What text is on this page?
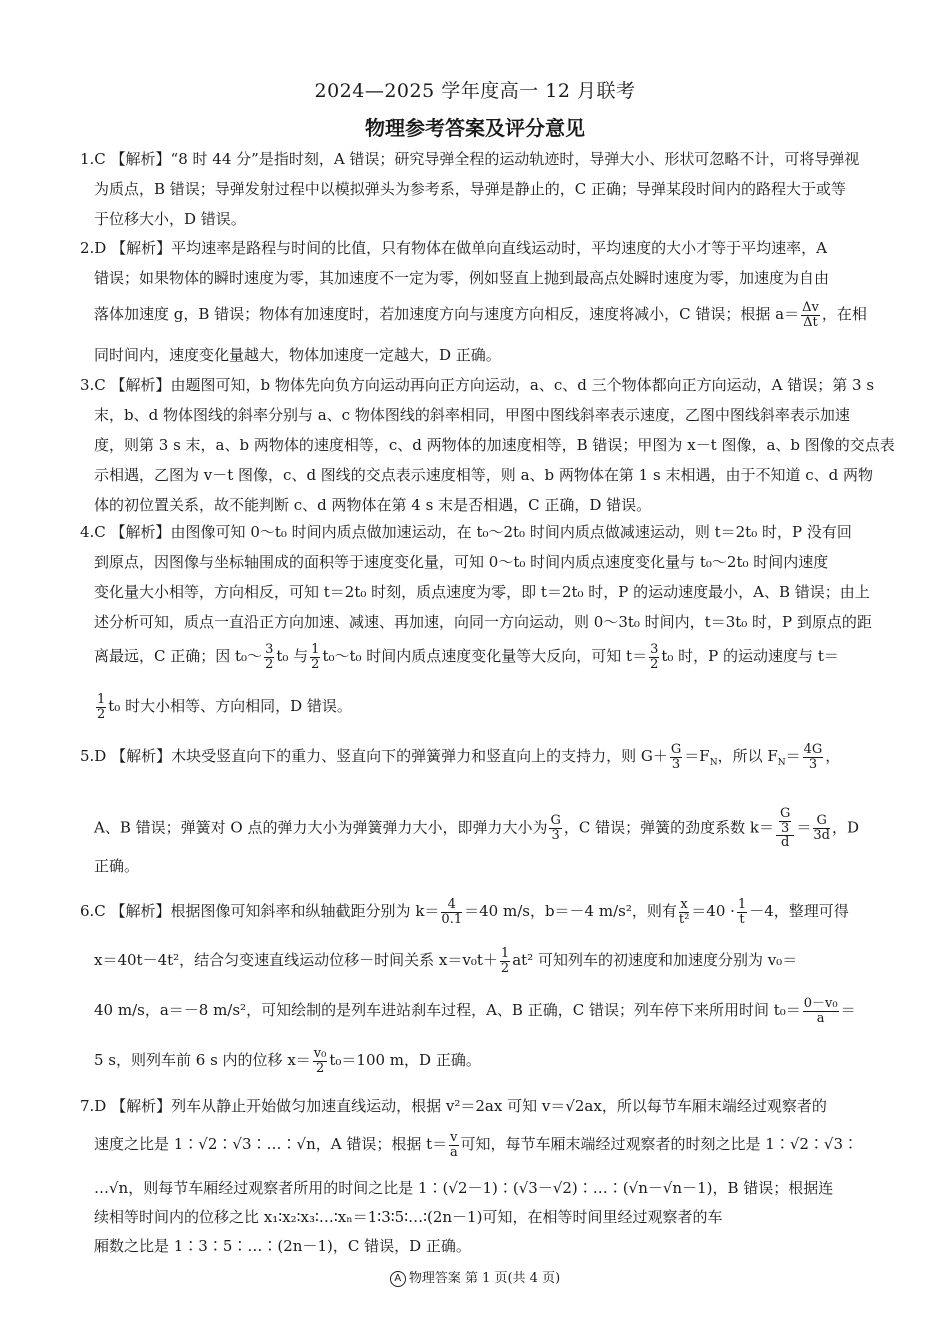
2024—2025 学年度高一 12 月联考
物理参考答案及评分意见
1.C 【解析】“8 时 44 分”是指时刻，A 错误；研究导弹全程的运动轨迹时，导弹大小、形状可忽略不计，可将导弹视
为质点，B 错误；导弹发射过程中以模拟弹头为参考系，导弹是静止的，C 正确；导弹某段时间内的路程大于或等
于位移大小，D 错误。
2.D 【解析】平均速率是路程与时间的比值，只有物体在做单向直线运动时，平均速度的大小才等于平均速率，A
错误；如果物体的瞬时速度为零，其加速度不一定为零，例如竖直上抛到最高点处瞬时速度为零，加速度为自由
落体加速度 g，B 错误；物体有加速度时，若加速度方向与速度方向相反，速度将减小，C 错误；根据 $a= \frac{\Delta v}{\Delta t}$ ，在相
同时间内，速度变化量越大，物体加速度一定越大，D 正确。
3.C 【解析】由题图可知，b 物体先向负方向运动再向正方向运动，a、c、d 三个物体都向正方向运动，A 错误；第 3 s
末，b、d 物体图线的斜率分别与 a、c 物体图线的斜率相同，甲图中图线斜率表示速度，乙图中图线斜率表示加速
度，则第 3 s 末，a、b 两物体的速度相等，c、d 两物体的加速度相等，B 错误；甲图为 x－t 图像，a、b 图像的交点表
示相遇，乙图为 v－t 图像，c、d 图线的交点表示速度相等，则 a、b 两物体在第 1 s 末相遇，由于不知道 c、d 两物
体的初位置关系，故不能判断 c、d 两物体在第 4 s 末是否相遇，C 正确，D 错误。
4.C 【解析】由图像可知 0～t₀ 时间内质点做加速运动，在 t₀～2t₀ 时间内质点做减速运动，则 t＝2t₀ 时，P 没有回
到原点，因图像与坐标轴围成的面积等于速度变化量，可知 0～t₀ 时间内质点速度变化量与 t₀～2t₀ 时间内速度
变化量大小相等，方向相反，可知 t＝2t₀ 时刻，质点速度为零，即 t＝2t₀ 时，P 的运动速度最小，A、B 错误；由上
述分析可知，质点一直沿正方向加速、减速、再加速，向同一方向运动，则 0～3t₀ 时间内，t＝3t₀ 时，P 到原点的距
离最远，C 正确；因 t₀～ $\frac{3}{2} t_0$ 与 $\frac{1}{2}$ t₀～t₀ 时间内质点速度变化量等大反向，可知 $t= \frac{3}{2} t_0$ 时，P 的运动速度与 t＝
$\frac{1}{2} t_0$ 时大小相等、方向相同，D 错误。
5.D 【解析】木块受竖直向下的重力、竖直向下的弹簧弹力和竖直向上的支持力，则 $G+ \frac{G}{3} =F_N$，所以 $F_N= \frac{4G}{3}$ ，
A、B 错误；弹簧对 O 点的弹力大小为弹簧弹力大小，即弹力大小为 $\frac{G}{3}$ ，C 错误；弹簧的劲度系数 $k= \frac{\frac{G}{3}}{d} = \frac{G}{3d}$ ，D
正确。
6.C 【解析】根据图像可知斜率和纵轴截距分别为 $k= \frac{4}{0.1} =40$ m/s，b＝－4 m/s²，则有 $\frac{x}{\text{t²}} =40 \cdot \frac{1}{t} -4$，整理可得
x＝40t－4t²，结合匀变速直线运动位移－时间关系 $x=v_0t+ \frac{1}{2} at^2$ 可知列车的初速度和加速度分别为 v₀＝
40 m/s，a＝－8 m/s²，可知绘制的是列车进站刹车过程，A、B 正确，C 错误；列车停下来所用时间 $t_0= \frac{\text{0－v₀}}{a}$ ＝
5 s，则列车前 6 s 内的位移 $x= \frac{\text{v₀}}{2} t_0=100$ m，D 正确。
7.D 【解析】列车从静止开始做匀加速直线运动，根据 v²＝2ax 可知 v＝√2ax，所以每节车厢末端经过观察者的
速度之比是 1∶√2∶√3∶…∶√n，A 错误；根据 $t= \frac{v}{a}$ 可知，每节车厢末端经过观察者的时刻之比是 1∶√2∶√3∶
…√n，则每节车厢经过观察者所用的时间之比是 1∶(√2－1)∶(√3－√2)∶…∶(√n－√n－1)，B 错误；根据连
续相等时间内的位移之比 x₁∶x₂∶x₃∶…∶xₙ＝1∶3∶5∶…∶(2n－1)可知，在相等时间里经过观察者的车
厢数之比是 1∶3∶5∶…∶(2n－1)，C 错误，D 正确。
A 物理答案 第 1 页(共 4 页)
